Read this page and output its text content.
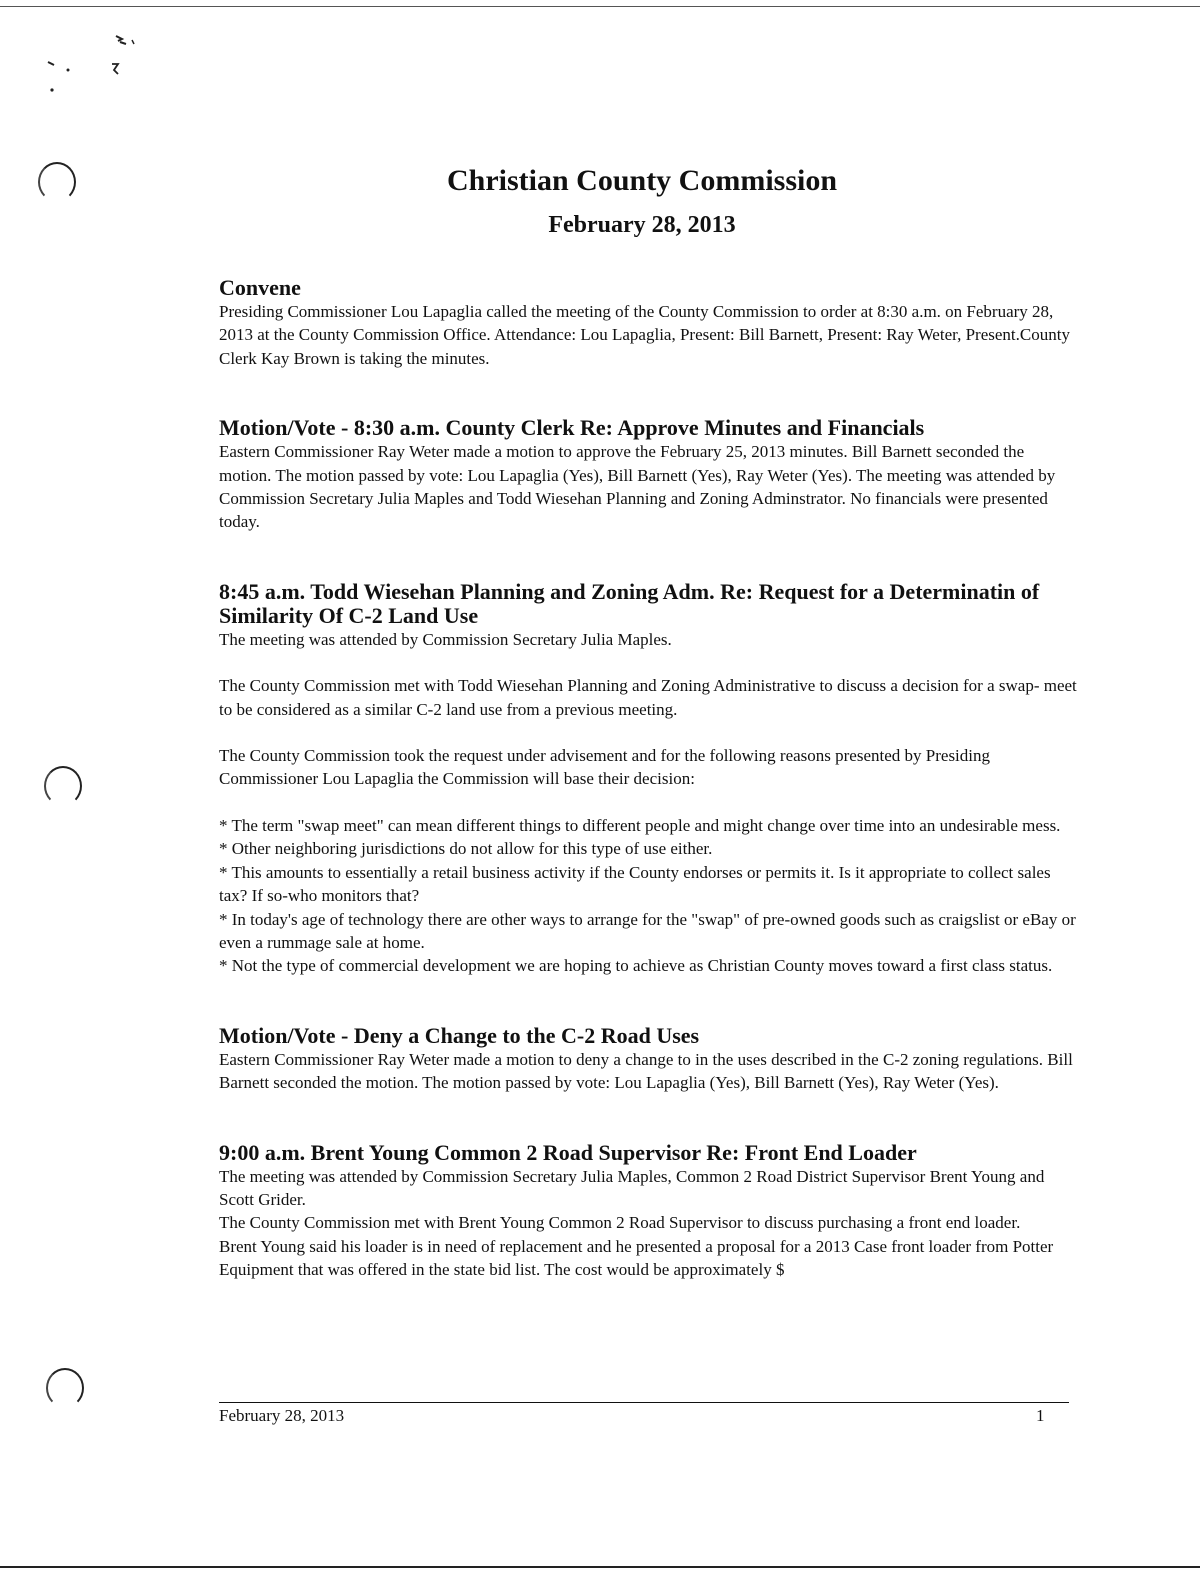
Christian County Commission
February 28, 2013
Convene

Presiding Commissioner Lou Lapaglia called the meeting of the County Commission to order at 8:30 a.m. on February 28, 2013 at the County Commission Office. Attendance: Lou Lapaglia, Present: Bill Barnett, Present: Ray Weter, Present.County Clerk Kay Brown is taking the minutes.

Motion/Vote - 8:30 a.m. County Clerk Re: Approve Minutes and Financials

Eastern Commissioner Ray Weter made a motion to approve the February 25, 2013 minutes. Bill Barnett seconded the motion. The motion passed by vote: Lou Lapaglia (Yes), Bill Barnett (Yes), Ray Weter (Yes). The meeting was attended by Commission Secretary Julia Maples and Todd Wiesehan Planning and Zoning Adminstrator. No financials were presented today.

8:45 a.m. Todd Wiesehan Planning and Zoning Adm. Re: Request for a Determinatin of Similarity Of C-2 Land Use

The meeting was attended by Commission Secretary Julia Maples.

The County Commission met with Todd Wiesehan Planning and Zoning Administrative to discuss a decision for a swap- meet to be considered as a similar C-2 land use from a previous meeting.

The County Commission took the request under advisement and for the following reasons presented by Presiding Commissioner Lou Lapaglia the Commission will base their decision:

* The term "swap meet" can mean different things to different people and might change over time into an undesirable mess.

* Other neighboring jurisdictions do not allow for this type of use either.

* This amounts to essentially a retail business activity if the County endorses or permits it. Is it appropriate to collect sales tax? If so-who monitors that?

* In today's age of technology there are other ways to arrange for the "swap" of pre-owned goods such as craigslist or eBay or even a rummage sale at home.

* Not the type of commercial development we are hoping to achieve as Christian County moves toward a first class status.

Motion/Vote - Deny a Change to the C-2 Road Uses

Eastern Commissioner Ray Weter made a motion to deny a change to in the uses described in the C-2 zoning regulations. Bill Barnett seconded the motion. The motion passed by vote: Lou Lapaglia (Yes), Bill Barnett (Yes), Ray Weter (Yes).

9:00 a.m. Brent Young Common 2 Road Supervisor Re: Front End Loader

The meeting was attended by Commission Secretary Julia Maples, Common 2 Road District Supervisor Brent Young and Scott Grider.

The County Commission met with Brent Young Common 2 Road Supervisor to discuss purchasing a front end loader.

Brent Young said his loader is in need of replacement and he presented a proposal for a 2013 Case front loader from Potter Equipment that was offered in the state bid list. The cost would be approximately $

February 28, 2013	1
